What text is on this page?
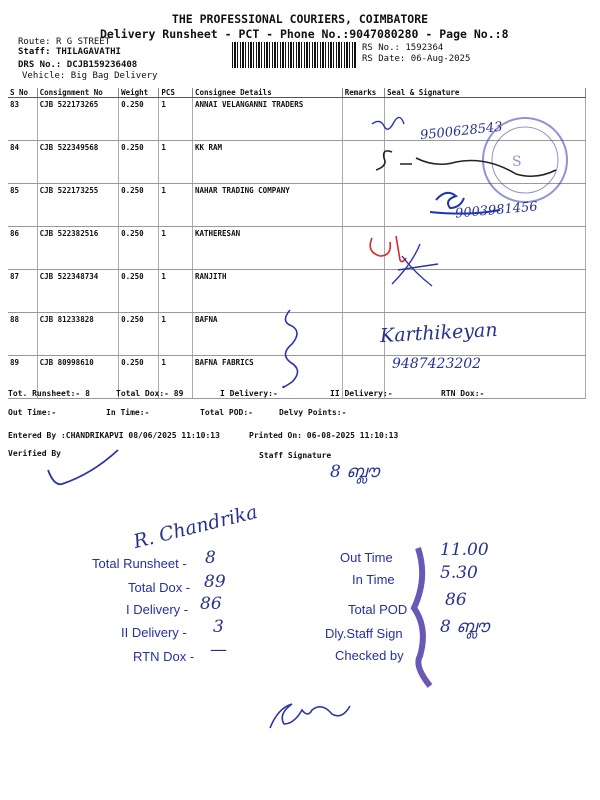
THE PROFESSIONAL COURIERS, COIMBATORE
Delivery Runsheet - PCT - Phone No.:9047080280 - Page No.:8
Route: R G STREET
Staff: THILAGAVATHI
DRS No.: DCJB159236408
Vehicle: Big Bag Delivery
RS No.: 1592364
RS Date: 06-Aug-2025
S No	Consignment No	Weight	PCS	Consignee Details	Remarks	Seal & Signature
83	CJB 522173265	0.250	1	ANNAI VELANGANNI TRADERS		
84	CJB 522349568	0.250	1	KK RAM		
85	CJB 522173255	0.250	1	NAHAR TRADING COMPANY		
86	CJB 522382516	0.250	1	KATHERESAN		
87	CJB 522348734	0.250	1	RANJITH		
88	CJB 81233828	0.250	1	BAFNA		
89	CJB 80998610	0.250	1	BAFNA FABRICS		
Tot. Runsheet:- 8	Total Dox:- 89	I Delivery:-	II Delivery:-	RTN Dox:-
Out Time:-	In Time:-	Total POD:-	Delvy Points:-
Entered By :CHANDRIKAPVI 08/06/2025 11:10:13	Printed On: 06-08-2025 11:10:13
Verified By	Staff Signature
9500628543
9003981456
Karthikeyan
9487423202
Ѕ
8 ബ്ലൗ
R. Chandrika
Total Runsheet - 8
Total Dox - 89
I Delivery - 86
II Delivery - 3
RTN Dox - —
Out Time	11.00
In Time	5.30
Total POD 86
Dly.Staff Sign 8 ബ്ലൗ
Checked by
